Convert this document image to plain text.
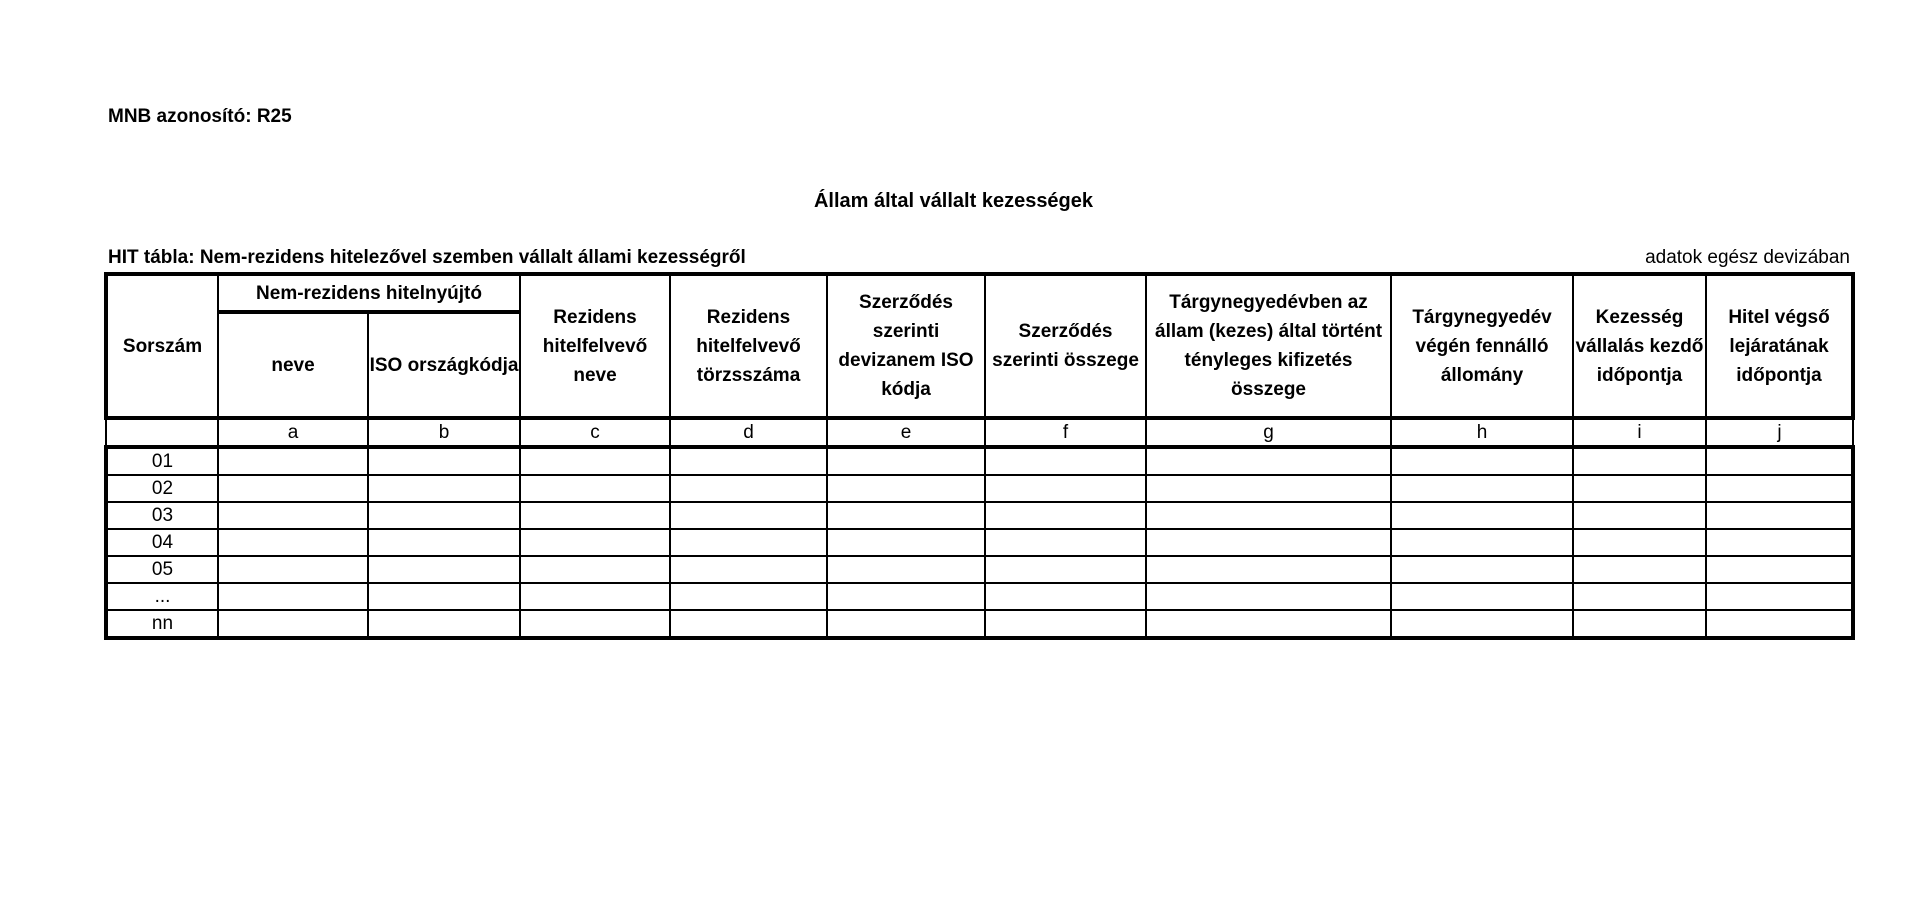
MNB azonosító: R25
Állam által vállalt kezességek
HIT tábla: Nem-rezidens hitelezővel szemben vállalt állami kezességről	adatok egész devizában
Sorszám	Nem-rezidens hitelnyújtó		Rezidens hitelfelvevő neve	Rezidens hitelfelvevő törzsszáma	Szerződés szerinti devizanem ISO kódja	Szerződés szerinti összege	Tárgynegyedévben az állam (kezes) által történt tényleges kifizetés összege	Tárgynegyedév végén fennálló állomány	Kezesség vállalás kezdő időpontja	Hitel végső lejáratának időpontja
	neve	ISO országkódja								
	a	b	c	d	e	f	g	h	i	j
01										
02										
03										
04										
05										
...										
nn										
